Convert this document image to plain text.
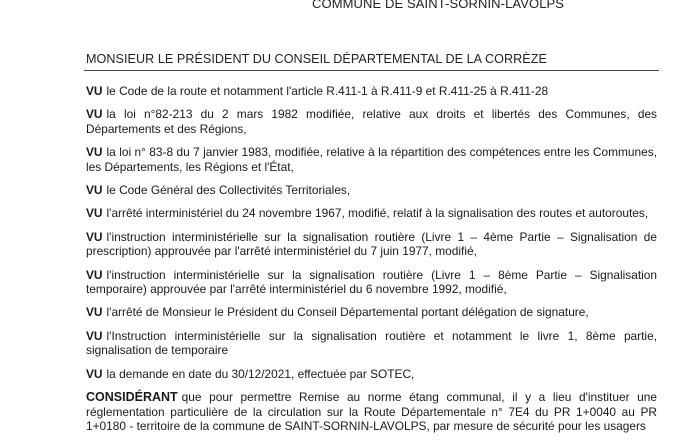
COMMUNE DE SAINT-SORNIN-LAVOLPS
MONSIEUR LE PRÉSIDENT DU CONSEIL DÉPARTEMENTAL DE LA CORRÈZE

VU le Code de la route et notamment l'article R.411-1 à R.411-9 et R.411-25 à R.411-28

VU la loi n°82-213 du 2 mars 1982 modifiée, relative aux droits et libertés des Communes, des Départements et des Régions,

VU la loi n° 83-8 du 7 janvier 1983, modifiée, relative à la répartition des compétences entre les Communes, les Départements, les Régions et l'État,

VU le Code Général des Collectivités Territoriales,

VU l'arrêté interministériel du 24 novembre 1967, modifié, relatif à la signalisation des routes et autoroutes,

VU l'instruction interministérielle sur la signalisation routière (Livre 1 – 4ème Partie – Signalisation de prescription) approuvée par l'arrêté interministériel du 7 juin 1977, modifié,

VU l'instruction interministérielle sur la signalisation routière (Livre 1 – 8ème Partie – Signalisation temporaire) approuvée par l'arrêté interministériel du 6 novembre 1992, modifié,

VU l'arrêté de Monsieur le Président du Conseil Départemental portant délégation de signature,

VU l'Instruction interministérielle sur la signalisation routière et notamment le livre 1, 8ème partie, signalisation de temporaire

VU la demande en date du 30/12/2021, effectuée par SOTEC,

CONSIDÉRANT que pour permettre Remise au norme étang communal, il y a lieu d'instituer une réglementation particulière de la circulation sur la Route Départementale n° 7E4 du PR 1+0040 au PR 1+0180 - territoire de la commune de SAINT-SORNIN-LAVOLPS, par mesure de sécurité pour les usagers
